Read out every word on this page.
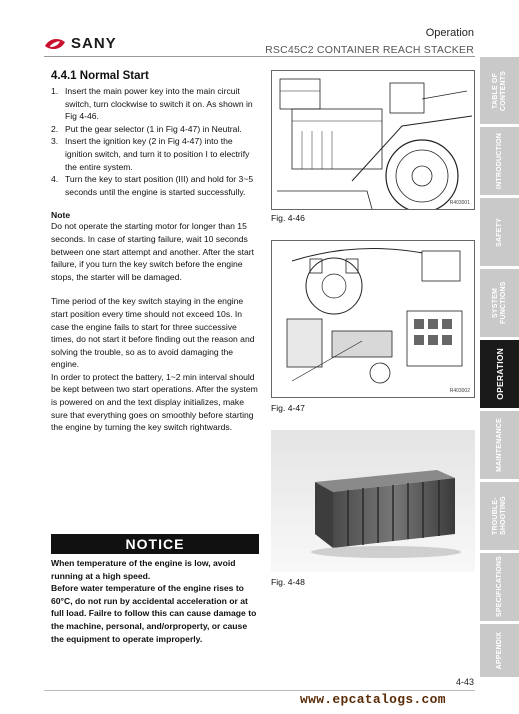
SANY
Operation
RSC45C2 CONTAINER REACH STACKER
TABLE OF CONTENTS
INTRODUCTION
SAFETY
SYSTEM FUNCTIONS
OPERATION
MAINTENANCE
TROUBLE-SHOOTING
SPECIFICATIONS
APPENDIX
4.4.1 Normal Start
1. Insert the main power key into the main circuit switch, turn clockwise to switch it on. As shown in Fig 4-46.
2. Put the gear selector (1 in Fig 4-47) in Neutral.
3. Insert the ignition key (2 in Fig 4-47) into the ignition switch, and turn it to position I to electrify the entire system.
4. Turn the key to start position (III) and hold for 3~5 seconds until the engine is started successfully.
Note

Do not operate the starting motor for longer than 15 seconds. In case of starting failure, wait 10 seconds between one start attempt and another. After the start failure, if you turn the key switch before the engine stops, the starter will be damaged.

Time period of the key switch staying in the engine start position every time should not exceed 10s. In case the engine fails to start for three successive times, do not start it before finding out the reason and solving the trouble, so as to avoid damaging the engine.

In order to protect the battery, 1~2 min interval should be kept between two start operations. After the system is powered on and the text display initializes, make sure that everything goes on smoothly before starting the engine by turning the key switch rightwards.

NOTICE

When temperature of the engine is low, avoid running at a high speed.

Before water temperature of the engine rises to 60°C, do not run by accidental acceleration or at full load. Failre to follow this can cause damage to the machine, personal, and/orproperty, or cause the equipment to operate improperly.

R403001
Fig. 4-46
R403002
Fig. 4-47
Fig. 4-48
4-43
www.epcatalogs.com
